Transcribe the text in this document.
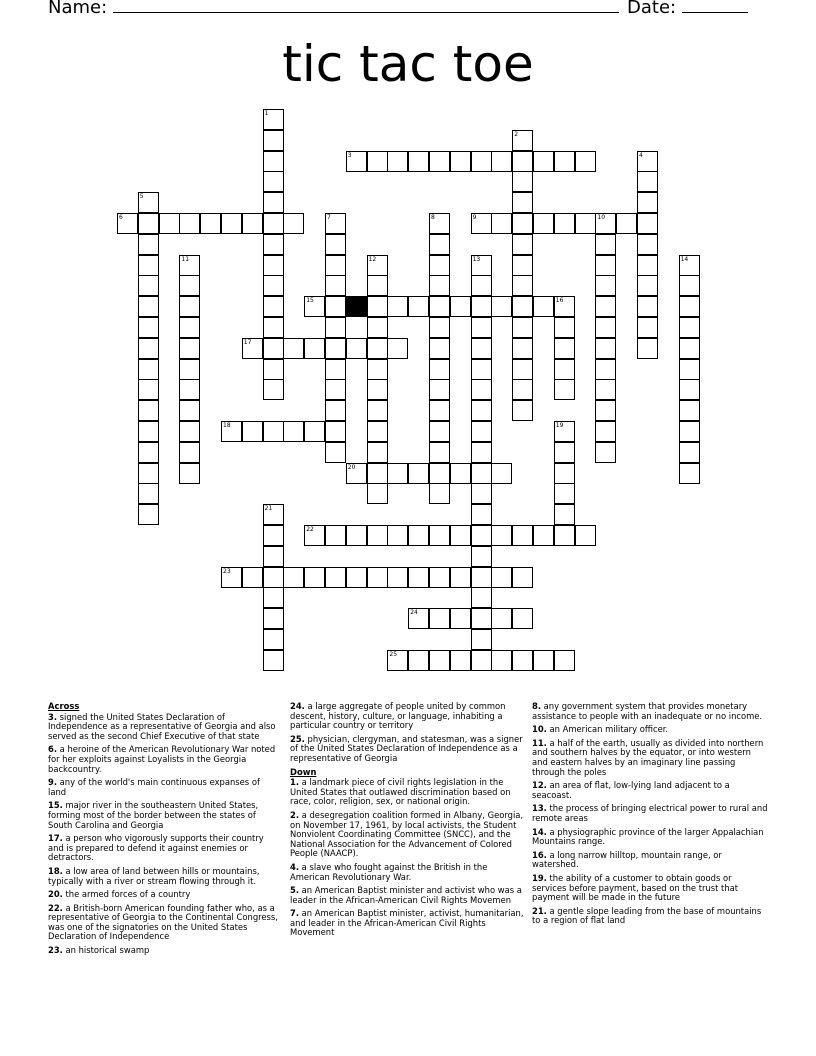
Name:	Date:
tic tac toe
1
2
3	4
5
6	7	8	9	10
11	12	13	14
15	16
17
18	19
20
21
22
23
24
25
Across
3. signed the United States Declaration of Independence as a representative of Georgia and also served as the second Chief Executive of that state
6. a heroine of the American Revolutionary War noted for her exploits against Loyalists in the Georgia backcountry.
9. any of the world's main continuous expanses of land
15. major river in the southeastern United States, forming most of the border between the states of South Carolina and Georgia
17. a person who vigorously supports their country and is prepared to defend it against enemies or detractors.
18. a low area of land between hills or mountains, typically with a river or stream flowing through it.
20. the armed forces of a country
22. a British-born American founding father who, as a representative of Georgia to the Continental Congress, was one of the signatories on the United States Declaration of Independence
23. an historical swamp
24. a large aggregate of people united by common descent, history, culture, or language, inhabiting a particular country or territory
25. physician, clergyman, and statesman, was a signer of the United States Declaration of Independence as a representative of Georgia
Down
1. a landmark piece of civil rights legislation in the United States that outlawed discrimination based on race, color, religion, sex, or national origin.
2. a desegregation coalition formed in Albany, Georgia, on November 17, 1961, by local activists, the Student Nonviolent Coordinating Committee (SNCC), and the National Association for the Advancement of Colored People (NAACP).
4. a slave who fought against the British in the American Revolutionary War.
5. an American Baptist minister and activist who was a leader in the African-American Civil Rights Movemen
7. an American Baptist minister, activist, humanitarian, and leader in the African-American Civil Rights Movement
8. any government system that provides monetary assistance to people with an inadequate or no income.
10. an American military officer.
11. a half of the earth, usually as divided into northern and southern halves by the equator, or into western and eastern halves by an imaginary line passing through the poles
12. an area of flat, low-lying land adjacent to a seacoast.
13. the process of bringing electrical power to rural and remote areas
14. a physiographic province of the larger Appalachian Mountains range.
16. a long narrow hilltop, mountain range, or watershed.
19. the ability of a customer to obtain goods or services before payment, based on the trust that payment will be made in the future
21. a gentle slope leading from the base of mountains to a region of flat land
